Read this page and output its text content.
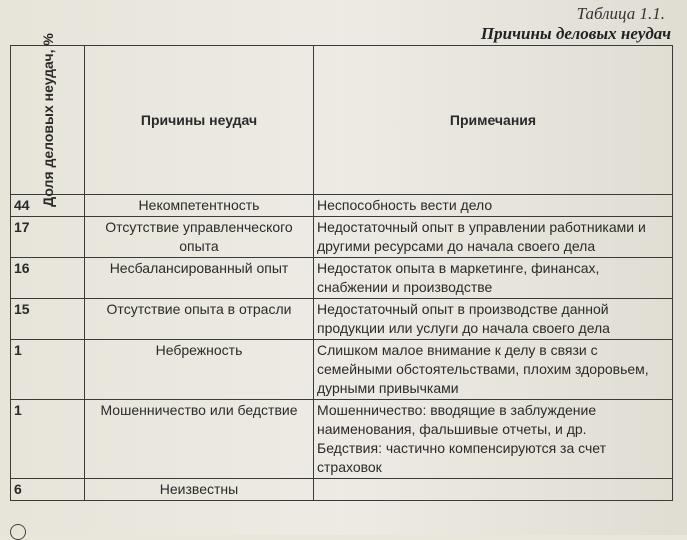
Таблица 1.1.
Причины деловых неудач
Доля деловых неудач, %	Причины неудач	Примечания
44	Некомпетентность	Неспособность вести дело

17	Отсутствие управленческого опыта	Недостаточный опыт в управлении работниками и другими ресурсами до начала своего дела

16	Несбалансированный опыт	Недостаток опыта в маркетинге, финансах, снабжении и производстве

15	Отсутствие опыта в отрасли	Недостаточный опыт в производстве данной продукции или услуги до начала своего дела

1	Небрежность	Слишком малое внимание к делу в связи с семейными обстоятельствами, плохим здоровьем, дурными привычками

1	Мошенничество или бедствие	Мошенничество: вводящие в заблуждение наименования, фальшивые отчеты, и др.
Бедствия: частично компенсируются за счет страховок

6	Неизвестны	
